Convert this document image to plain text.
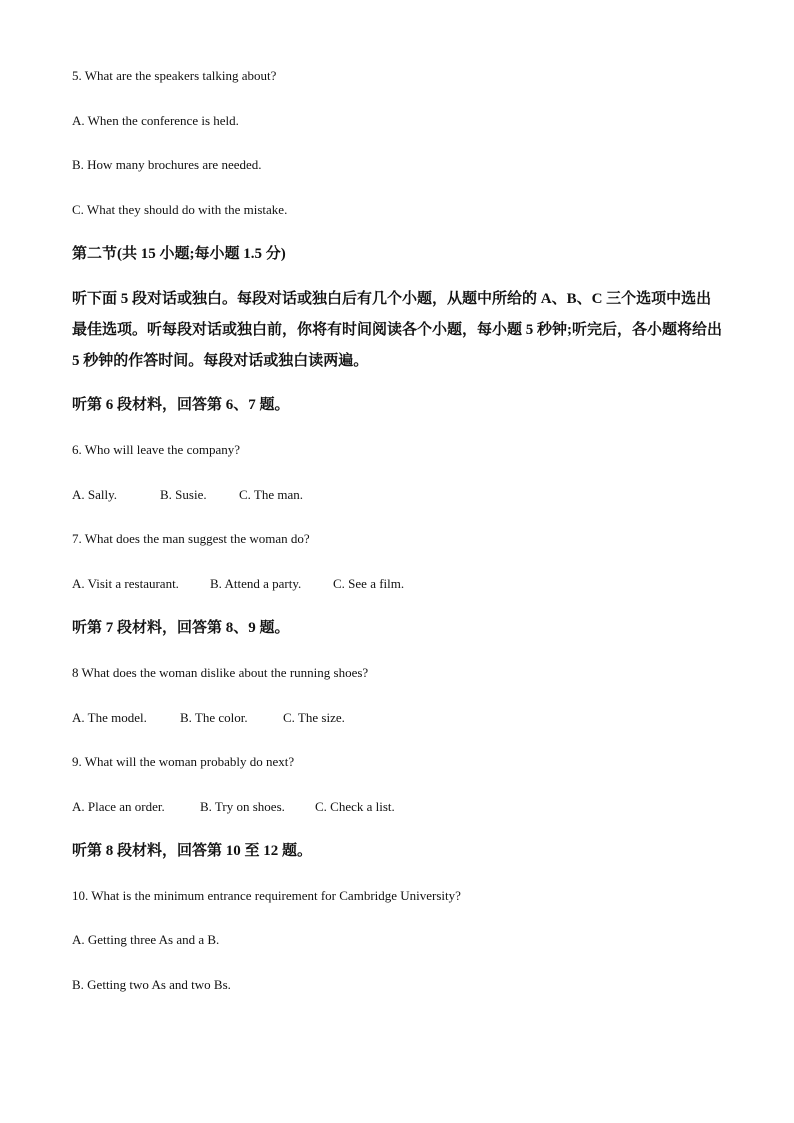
5. What are the speakers talking about?
A. When the conference is held.
B. How many brochures are needed.
C. What they should do with the mistake.
第二节(共 15 小题;每小题 1.5 分)
听下面 5 段对话或独白。每段对话或独白后有几个小题，从题中所给的 A、B、C 三个选项中选出最佳选项。听每段对话或独白前，你将有时间阅读各个小题，每小题 5 秒钟;听完后，各小题将给出 5 秒钟的作答时间。每段对话或独白读两遍。
听第 6 段材料，回答第 6、7 题。
6. Who will leave the company?
A. Sally.	B. Susie. C. The man.
7. What does the man suggest the woman do?
A. Visit a restaurant. B. Attend a party. C. See a film.
听第 7 段材料，回答第 8、9 题。
8 What does the woman dislike about the running shoes?
A. The model.	B. The color.	C. The size.
9. What will the woman probably do next?
A. Place an order.	B. Try on shoes. C. Check a list.
听第 8 段材料，回答第 10 至 12 题。
10. What is the minimum entrance requirement for Cambridge University?
A. Getting three As and a B.
B. Getting two As and two Bs.
